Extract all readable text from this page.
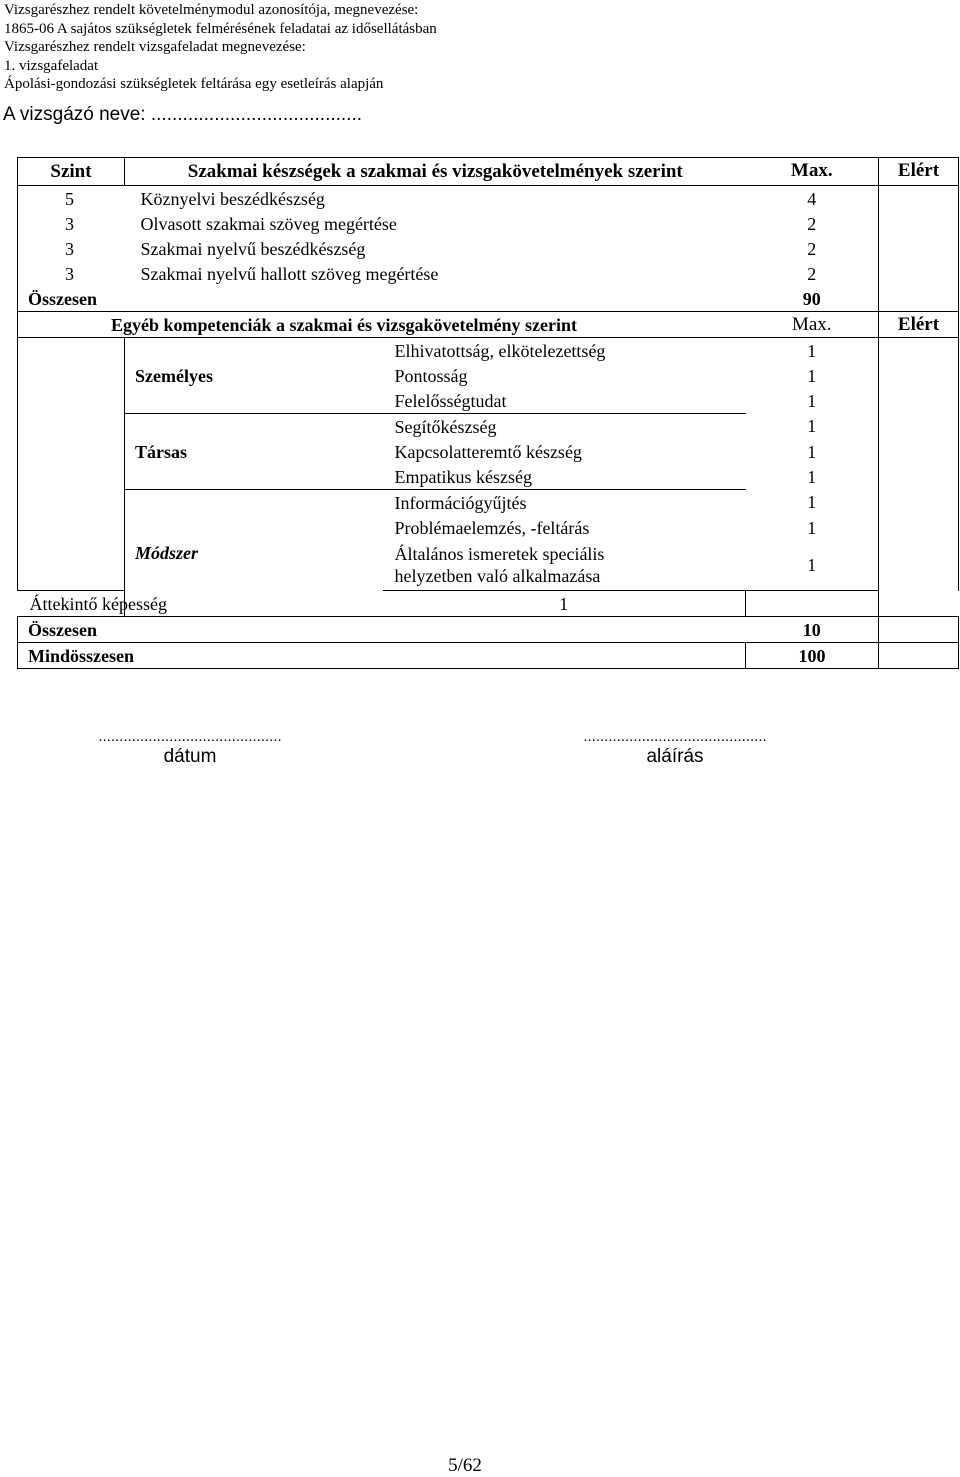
Vizsgarészhez rendelt követelménymodul azonosítója, megnevezése:
1865-06 A sajátos szükségletek felmérésének feladatai az idősellátásban
Vizsgarészhez rendelt vizsgafeladat megnevezése:
1. vizsgafeladat
Ápolási-gondozási szükségletek feltárása egy esetleírás alapján
A vizsgázó neve: ........................................
Szint	Szakmai készségek a szakmai és vizsgakövetelmények szerint		Max.	Elért
5	Köznyelvi beszédkészség		4	
3	Olvasott szakmai szöveg megértése		2	
3	Szakmai nyelvű beszédkészség		2	
3	Szakmai nyelvű hallott szöveg megértése		2	
Összesen			90	
Egyéb kompetenciák a szakmai és vizsgakövetelmény szerint			Max.	Elért
	Személyes	Elhivatottság, elkötelezettség	1	
		Pontosság	1	
		Felelősségtudat	1	
	Társas	Segítőkészség	1	
		Kapcsolatteremtő készség	1	
		Empatikus készség	1	
	Módszer	Információgyűjtés	1	
		Problémaelemzés, -feltárás	1	
		Általános ismeretek speciális helyzetben való alkalmazása	1	
Áttekintő képesség		1		
Összesen			10	
Mindösszesen			100	
............................................
dátum
............................................
aláírás
5/62
